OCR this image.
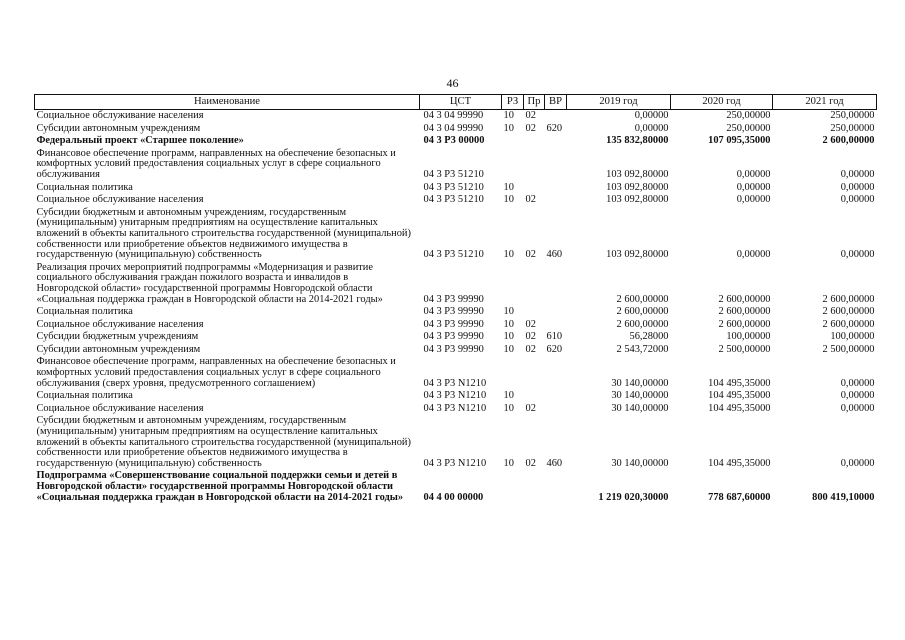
46
Наименование	ЦСТ	РЗ	Пр	ВР	2019 год	2020 год	2021 год
Социальное обслуживание населения	04 3 04 99990	10	02		0,00000	250,00000	250,00000
Субсидии автономным учреждениям	04 3 04 99990	10	02	620	0,00000	250,00000	250,00000
Федеральный проект «Старшее поколение»	04 3 Р3 00000				135 832,80000	107 095,35000	2 600,00000
Финансовое обеспечение программ, направленных на обеспечение безопасных и комфортных условий предоставления социальных услуг в сфере социального обслуживания	04 3 Р3 51210				103 092,80000	0,00000	0,00000
Социальная политика	04 3 Р3 51210	10			103 092,80000	0,00000	0,00000
Социальное обслуживание населения	04 3 Р3 51210	10	02		103 092,80000	0,00000	0,00000
Субсидии бюджетным и автономным учреждениям, государственным (муниципальным) унитарным предприятиям на осуществление капитальных вложений в объекты капитального строительства государственной (муниципальной) собственности или приобретение объектов недвижимого имущества в государственную (муниципальную) собственность	04 3 Р3 51210	10	02	460	103 092,80000	0,00000	0,00000
Реализация прочих мероприятий подпрограммы «Модернизация и развитие социального обслуживания граждан пожилого возраста и инвалидов в Новгородской области» государственной программы Новгородской области «Социальная поддержка граждан в Новгородской области на 2014-2021 годы»	04 3 Р3 99990				2 600,00000	2 600,00000	2 600,00000
Социальная политика	04 3 Р3 99990	10			2 600,00000	2 600,00000	2 600,00000
Социальное обслуживание населения	04 3 Р3 99990	10	02		2 600,00000	2 600,00000	2 600,00000
Субсидии бюджетным учреждениям	04 3 Р3 99990	10	02	610	56,28000	100,00000	100,00000
Субсидии автономным учреждениям	04 3 Р3 99990	10	02	620	2 543,72000	2 500,00000	2 500,00000
Финансовое обеспечение программ, направленных на обеспечение безопасных и комфортных условий предоставления социальных услуг в сфере социального обслуживания (сверх уровня, предусмотренного соглашением)	04 3 Р3 N1210				30 140,00000	104 495,35000	0,00000
Социальная политика	04 3 Р3 N1210	10			30 140,00000	104 495,35000	0,00000
Социальное обслуживание населения	04 3 Р3 N1210	10	02		30 140,00000	104 495,35000	0,00000
Субсидии бюджетным и автономным учреждениям, государственным (муниципальным) унитарным предприятиям на осуществление капитальных вложений в объекты капитального строительства государственной (муниципальной) собственности или приобретение объектов недвижимого имущества в государственную (муниципальную) собственность	04 3 Р3 N1210	10	02	460	30 140,00000	104 495,35000	0,00000
Подпрограмма «Совершенствование социальной поддержки семьи и детей в Новгородской области» государственной программы Новгородской области «Социальная поддержка граждан в Новгородской области на 2014-2021 годы»	04 4 00 00000				1 219 020,30000	778 687,60000	800 419,10000
